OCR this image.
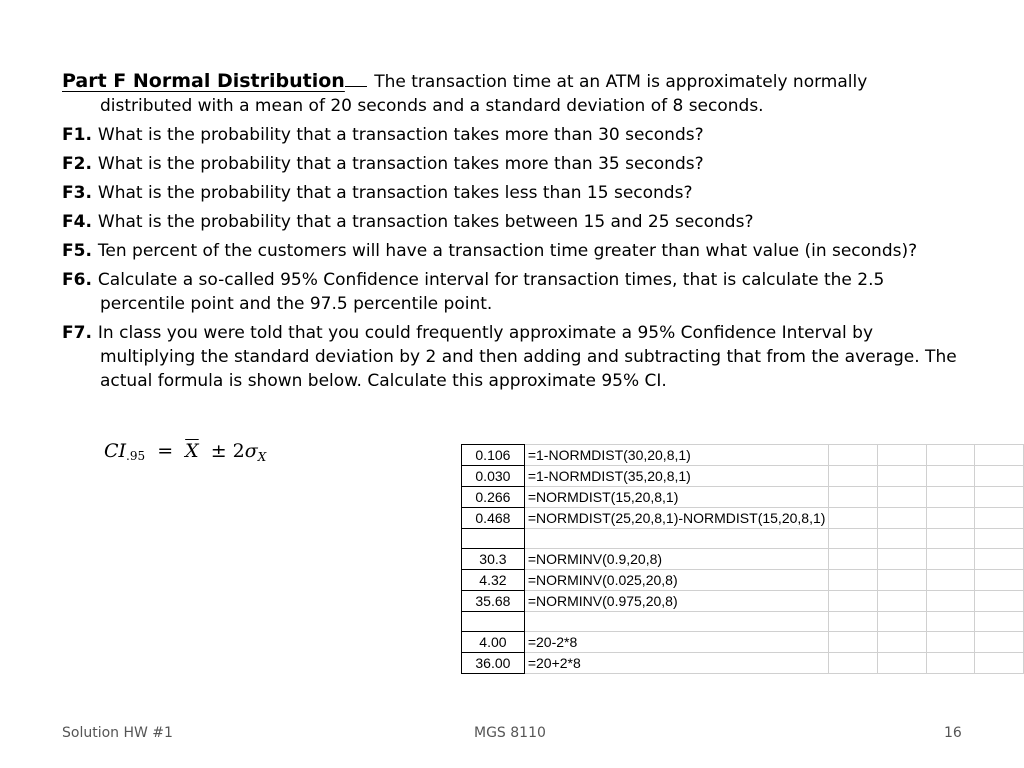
Part F Normal Distribution The transaction time at an ATM is approximately normally distributed with a mean of 20 seconds and a standard deviation of 8 seconds.

F1. What is the probability that a transaction takes more than 30 seconds?

F2. What is the probability that a transaction takes more than 35 seconds?

F3. What is the probability that a transaction takes less than 15 seconds?

F4. What is the probability that a transaction takes between 15 and 25 seconds?

F5. Ten percent of the customers will have a transaction time greater than what value (in seconds)?

F6. Calculate a so-called 95% Confidence interval for transaction times, that is calculate the 2.5 percentile point and the 97.5 percentile point.

F7. In class you were told that you could frequently approximate a 95% Confidence Interval by multiplying the standard deviation by 2 and then adding and subtracting that from the average. The actual formula is shown below. Calculate this approximate 95% CI.

$CI_{.95} = \overline{X} \pm 2\sigma_X$	0.106	=1-NORMDIST(30,20,8,1)				
0.030	=1-NORMDIST(35,20,8,1)				
0.266	=NORMDIST(15,20,8,1)				
0.468	=NORMDIST(25,20,8,1)-NORMDIST(15,20,8,1)				

30.3	=NORMINV(0.9,20,8)				
4.32	=NORMINV(0.025,20,8)				
35.68	=NORMINV(0.975,20,8)				

4.00	=20-2*8				
36.00	=20+2*8				
Solution HW #1	MGS 8110	16
